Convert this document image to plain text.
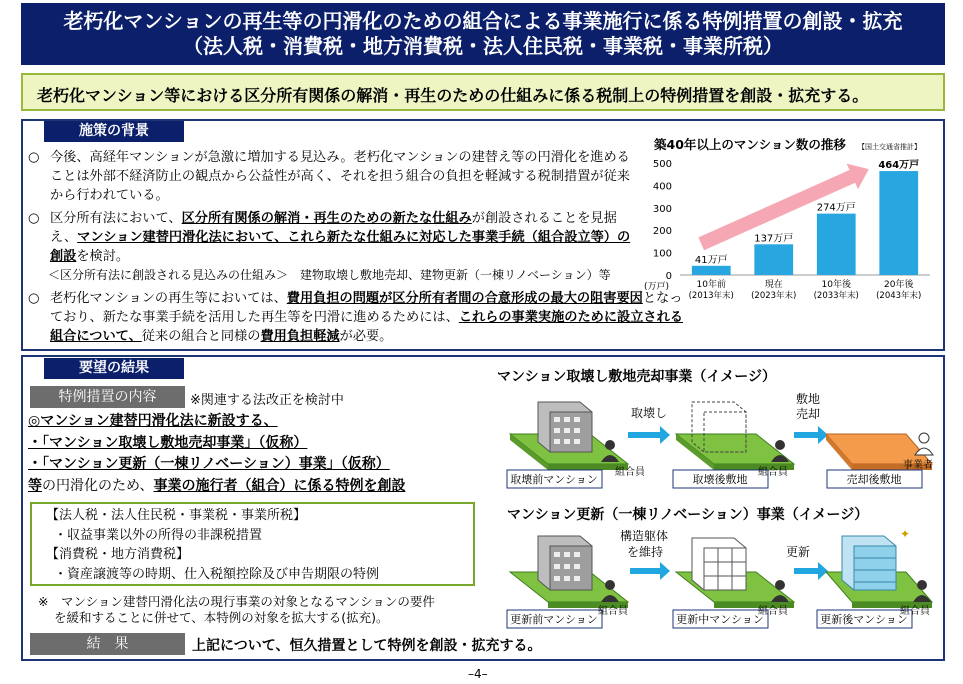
老朽化マンションの再生等の円滑化のための組合による事業施行に係る特例措置の創設・拡充
（法人税・消費税・地方消費税・法人住民税・事業税・事業所税）
老朽化マンション等における区分所有関係の解消・再生のための仕組みに係る税制上の特例措置を創設・拡充する。
施策の背景
○ 今後、高経年マンションが急激に増加する見込み。老朽化マンションの建替え等の円滑化を進めることは外部不経済防止の観点から公益性が高く、それを担う組合の負担を軽減する税制措置が従来から行われている。
○ 区分所有法において、区分所有関係の解消・再生のための新たな仕組みが創設されることを見据え、マンション建替円滑化法において、これら新たな仕組みに対応した事業手続（組合設立等）の創設を検討。
＜区分所有法に創設される見込みの仕組み＞　建物取壊し敷地売却、建物更新（一棟リノベーション）等
○ 老朽化マンションの再生等においては、費用負担の問題が区分所有者間の合意形成の最大の阻害要因となっており、新たな事業手続を活用した再生等を円滑に進めるためには、これらの事業実施のために設立される組合について、従来の組合と同様の費用負担軽減が必要。
築40年以上のマンション数の推移 【国土交通省推計】
0
100
200
300
400
500
(万戸)
41万戸
10年前
(2013年末)
137万戸
現在
(2023年末)
274万戸
10年後
(2033年末)
464万戸
20年後
(2043年末)
要望の結果
特例措置の内容	※関連する法改正を検討中
◎マンション建替円滑化法に新設する、
・「マンション取壊し敷地売却事業」（仮称）
・「マンション更新（一棟リノベーション）事業」（仮称）
等の円滑化のため、事業の施行者（組合）に係る特例を創設
【法人税・法人住民税・事業税・事業所税】
・収益事業以外の所得の非課税措置
【消費税・地方消費税】
・資産譲渡等の時期、仕入税額控除及び申告期限の特例
※　マンション建替円滑化法の現行事業の対象となるマンションの要件
を緩和することに併せて、本特例の対象を拡大する(拡充)。
結　果	上記について、恒久措置として特例を創設・拡充する。
マンション取壊し敷地売却事業（イメージ）
取壊前マンション
組合員
取壊し
取壊後敷地
組合員
敷地
売却
売却後敷地
事業者
マンション更新（一棟リノベーション）事業（イメージ）
更新前マンション
組合員
構造躯体
を維持
更新中マンション
組合員
更新
✦
更新後マンション
組合員
–4–
